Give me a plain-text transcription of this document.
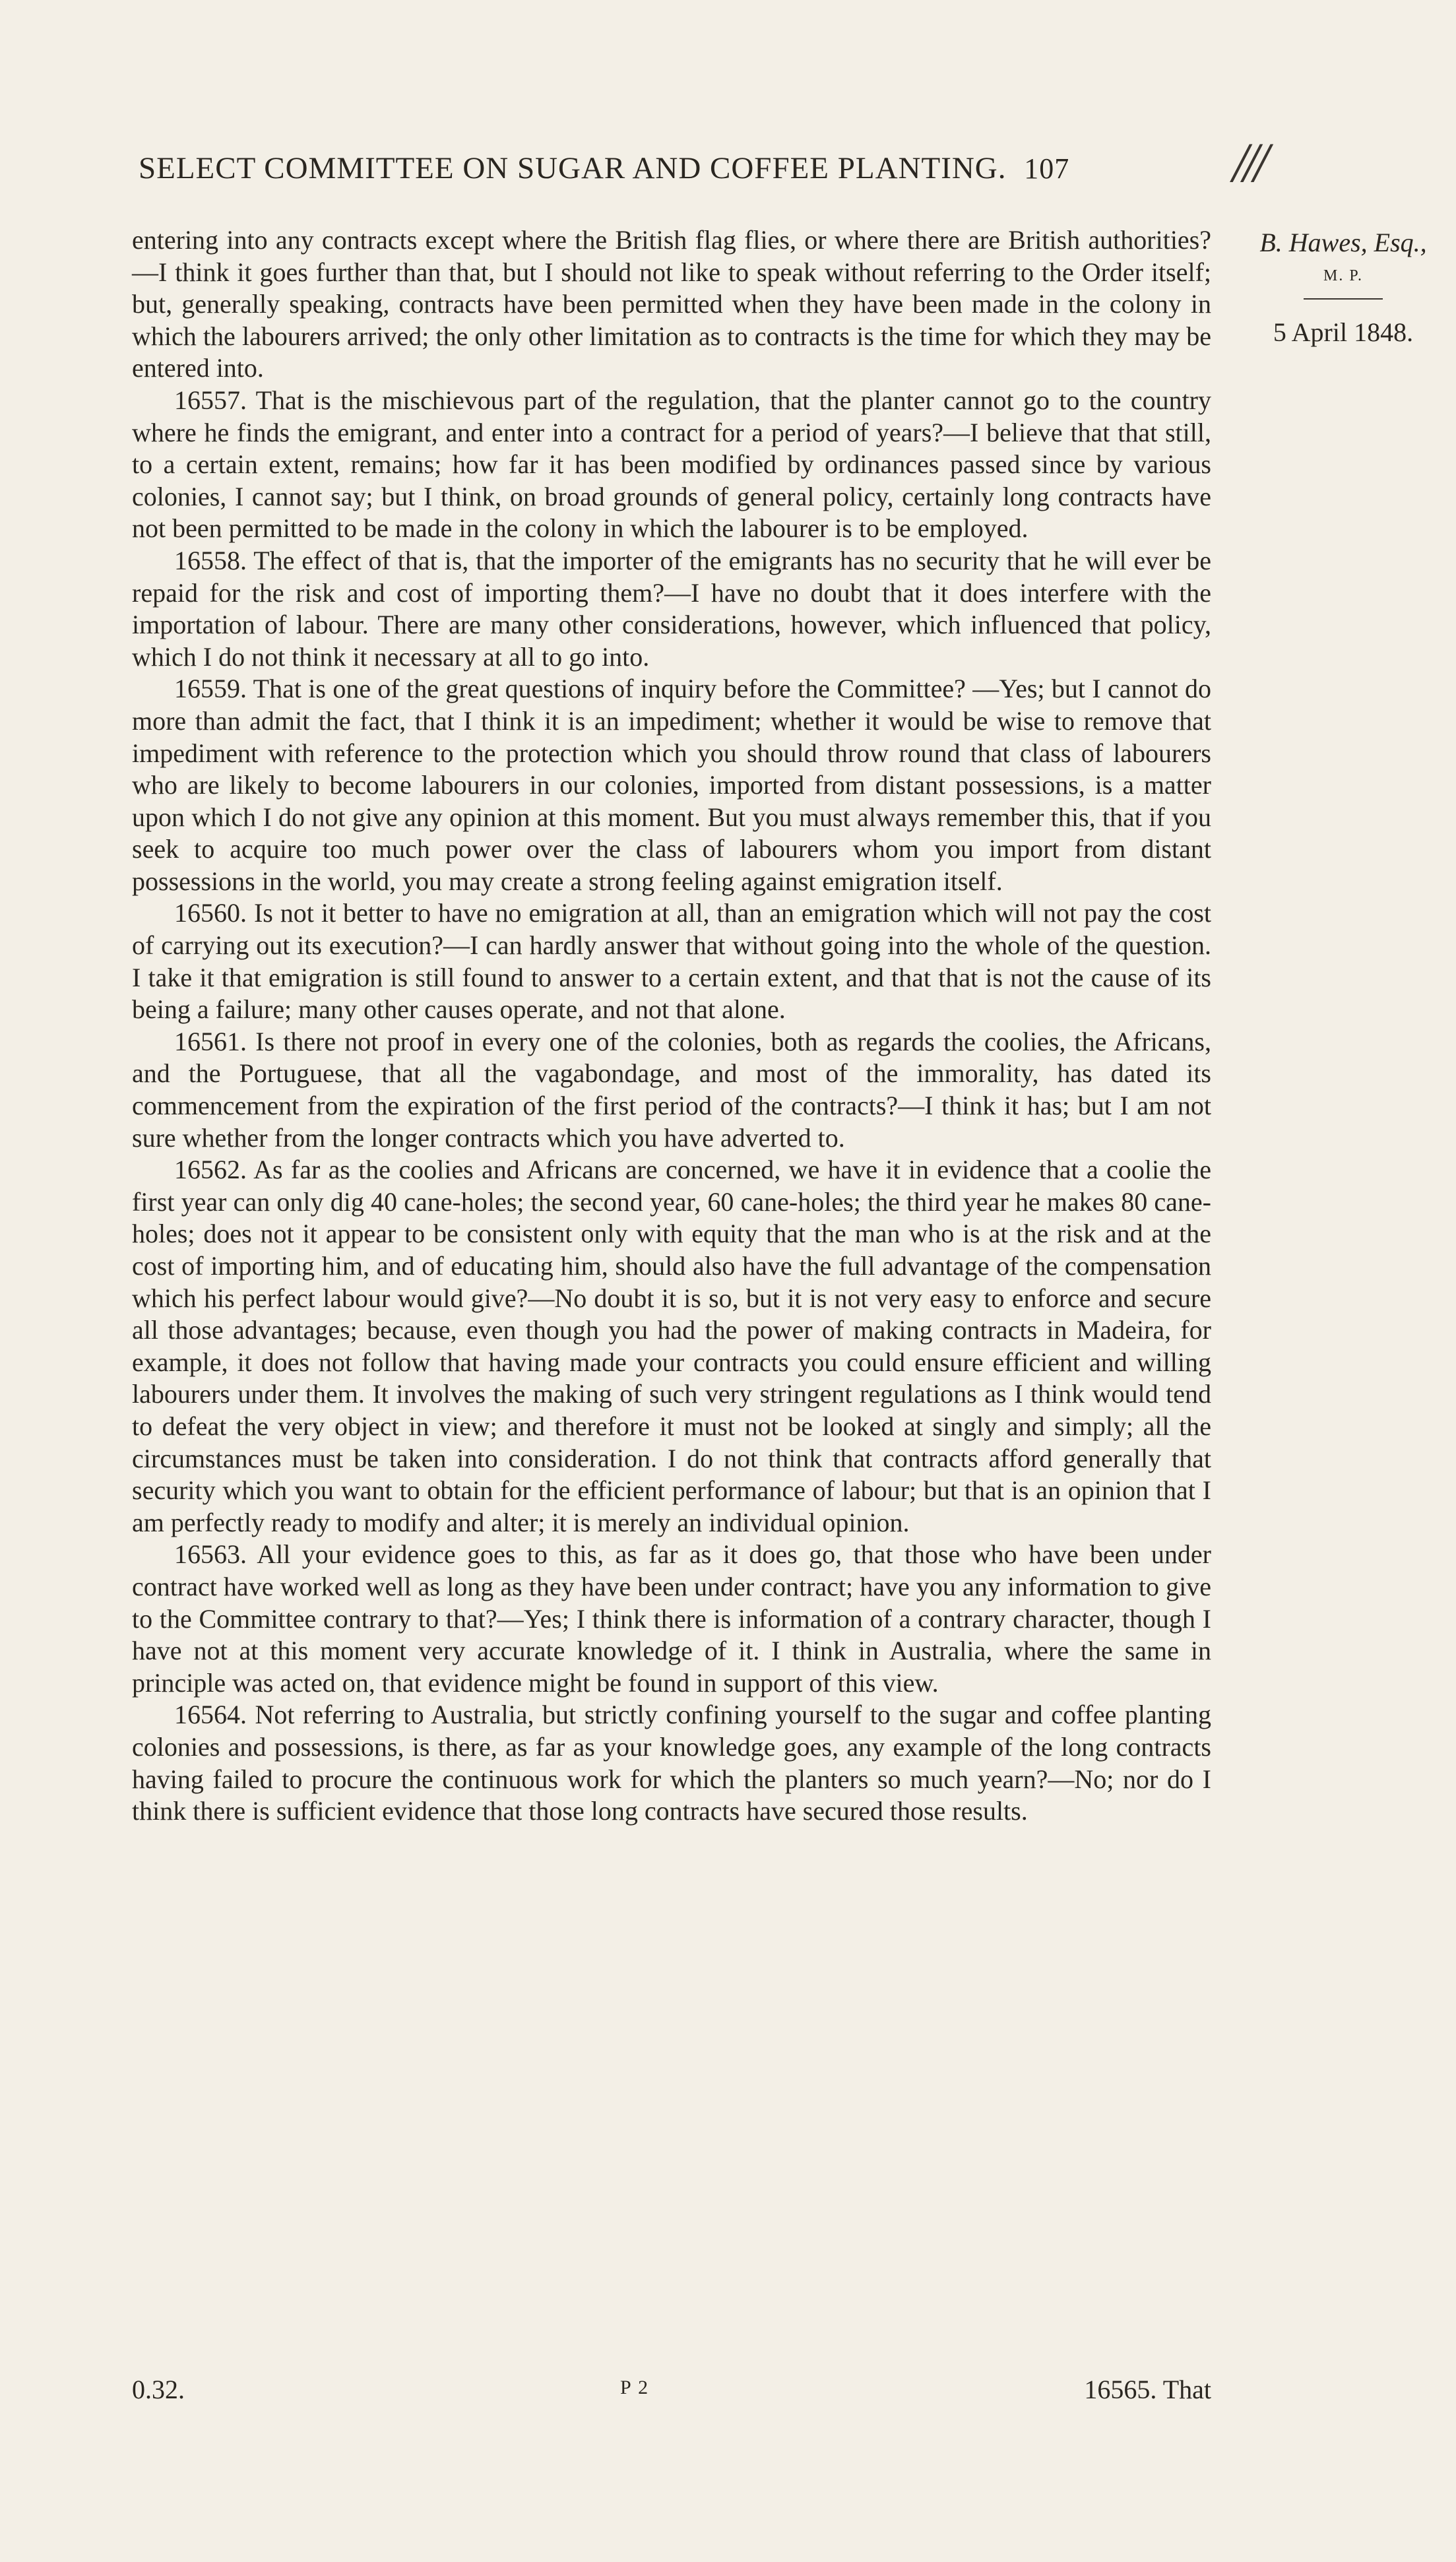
SELECT COMMITTEE ON SUGAR AND COFFEE PLANTING. 107	///
B. Hawes, Esq.,
M. P.
5 April 1848.

entering into any contracts except where the British flag flies, or where there are British authorities?—I think it goes further than that, but I should not like to speak without referring to the Order itself; but, generally speaking, contracts have been permitted when they have been made in the colony in which the labourers arrived; the only other limitation as to contracts is the time for which they may be entered into.

16557. That is the mischievous part of the regulation, that the planter cannot go to the country where he finds the emigrant, and enter into a contract for a period of years?—I believe that that still, to a certain extent, remains; how far it has been modified by ordinances passed since by various colonies, I cannot say; but I think, on broad grounds of general policy, certainly long contracts have not been permitted to be made in the colony in which the labourer is to be employed.

16558. The effect of that is, that the importer of the emigrants has no security that he will ever be repaid for the risk and cost of importing them?—I have no doubt that it does interfere with the importation of labour. There are many other considerations, however, which influenced that policy, which I do not think it necessary at all to go into.

16559. That is one of the great questions of inquiry before the Committee? —Yes; but I cannot do more than admit the fact, that I think it is an impediment; whether it would be wise to remove that impediment with reference to the protection which you should throw round that class of labourers who are likely to become labourers in our colonies, imported from distant possessions, is a matter upon which I do not give any opinion at this moment. But you must always remember this, that if you seek to acquire too much power over the class of labourers whom you import from distant possessions in the world, you may create a strong feeling against emigration itself.

16560. Is not it better to have no emigration at all, than an emigration which will not pay the cost of carrying out its execution?—I can hardly answer that without going into the whole of the question. I take it that emigration is still found to answer to a certain extent, and that that is not the cause of its being a failure; many other causes operate, and not that alone.

16561. Is there not proof in every one of the colonies, both as regards the coolies, the Africans, and the Portuguese, that all the vagabondage, and most of the immorality, has dated its commencement from the expiration of the first period of the contracts?—I think it has; but I am not sure whether from the longer contracts which you have adverted to.

16562. As far as the coolies and Africans are concerned, we have it in evidence that a coolie the first year can only dig 40 cane-holes; the second year, 60 cane-holes; the third year he makes 80 cane-holes; does not it appear to be consistent only with equity that the man who is at the risk and at the cost of importing him, and of educating him, should also have the full advantage of the compensation which his perfect labour would give?—No doubt it is so, but it is not very easy to enforce and secure all those advantages; because, even though you had the power of making contracts in Madeira, for example, it does not follow that having made your contracts you could ensure efficient and willing labourers under them. It involves the making of such very stringent regulations as I think would tend to defeat the very object in view; and therefore it must not be looked at singly and simply; all the circumstances must be taken into consideration. I do not think that contracts afford generally that security which you want to obtain for the efficient performance of labour; but that is an opinion that I am perfectly ready to modify and alter; it is merely an individual opinion.

16563. All your evidence goes to this, as far as it does go, that those who have been under contract have worked well as long as they have been under contract; have you any information to give to the Committee contrary to that?—Yes; I think there is information of a contrary character, though I have not at this moment very accurate knowledge of it. I think in Australia, where the same in principle was acted on, that evidence might be found in support of this view.

16564. Not referring to Australia, but strictly confining yourself to the sugar and coffee planting colonies and possessions, is there, as far as your knowledge goes, any example of the long contracts having failed to procure the continuous work for which the planters so much yearn?—No; nor do I think there is sufficient evidence that those long contracts have secured those results.

0.32.	P 2	16565. That
